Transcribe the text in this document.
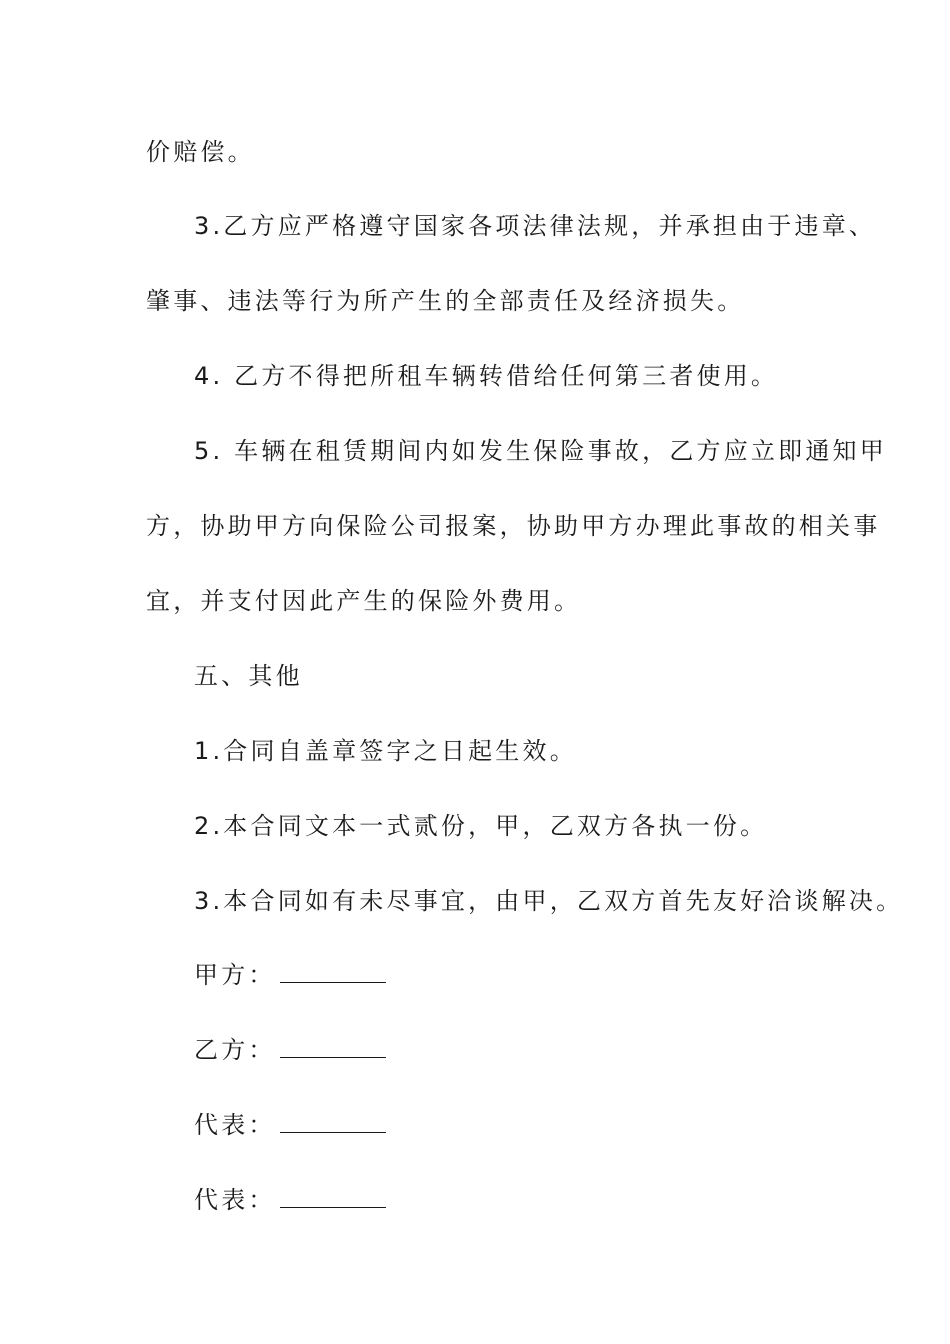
价赔偿。
3.乙方应严格遵守国家各项法律法规，并承担由于违章、
肇事、违法等行为所产生的全部责任及经济损失。
4. 乙方不得把所租车辆转借给任何第三者使用。
5. 车辆在租赁期间内如发生保险事故，乙方应立即通知甲
方，协助甲方向保险公司报案，协助甲方办理此事故的相关事
宜，并支付因此产生的保险外费用。
五、其他
1.合同自盖章签字之日起生效。
2.本合同文本一式贰份，甲，乙双方各执一份。
3.本合同如有未尽事宜，由甲，乙双方首先友好洽谈解决。
甲方：
乙方：
代表：
代表：
